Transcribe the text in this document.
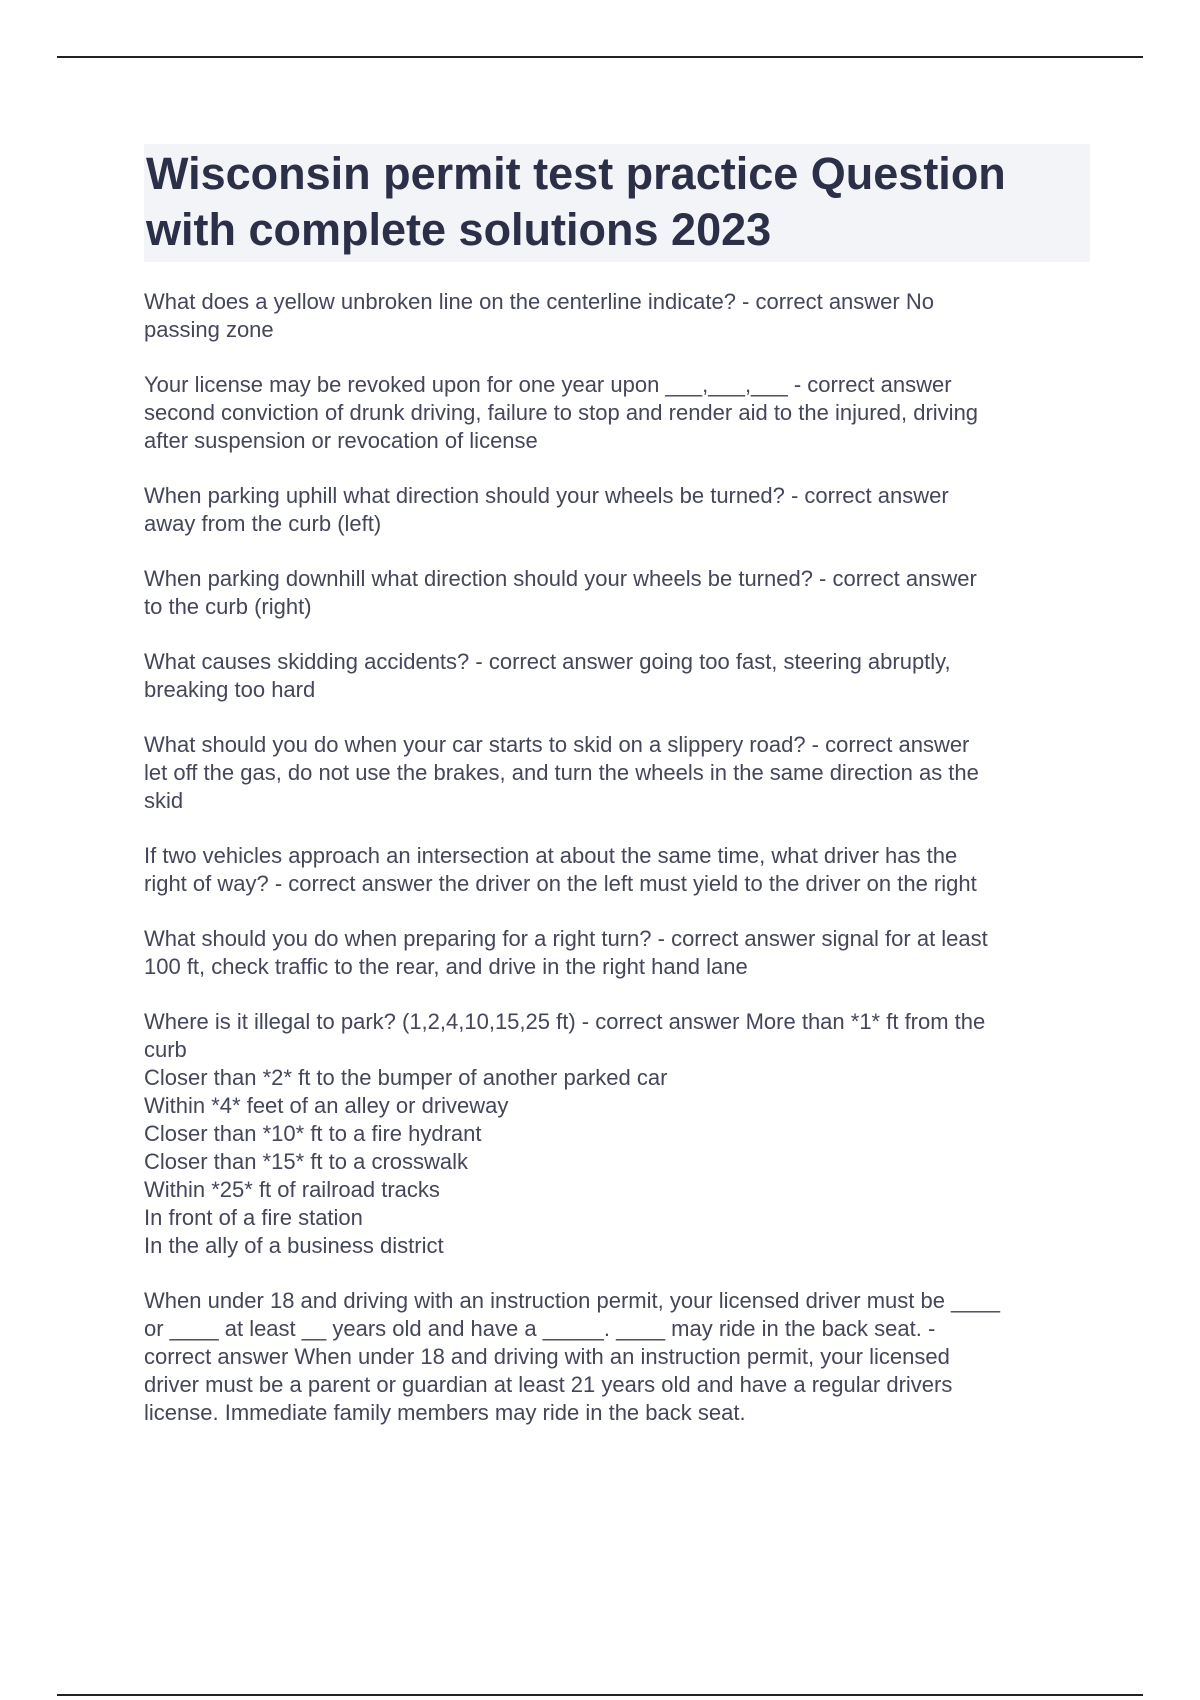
Wisconsin permit test practice Question with complete solutions 2023
What does a yellow unbroken line on the centerline indicate? - correct answer No
passing zone
Your license may be revoked upon for one year upon ___,___,___ - correct answer
second conviction of drunk driving, failure to stop and render aid to the injured, driving
after suspension or revocation of license
When parking uphill what direction should your wheels be turned? - correct answer
away from the curb (left)
When parking downhill what direction should your wheels be turned? - correct answer
to the curb (right)
What causes skidding accidents? - correct answer going too fast, steering abruptly,
breaking too hard
What should you do when your car starts to skid on a slippery road? - correct answer
let off the gas, do not use the brakes, and turn the wheels in the same direction as the
skid
If two vehicles approach an intersection at about the same time, what driver has the
right of way? - correct answer the driver on the left must yield to the driver on the right
What should you do when preparing for a right turn? - correct answer signal for at least
100 ft, check traffic to the rear, and drive in the right hand lane
Where is it illegal to park? (1,2,4,10,15,25 ft) - correct answer More than *1* ft from the
curb
Closer than *2* ft to the bumper of another parked car
Within *4* feet of an alley or driveway
Closer than *10* ft to a fire hydrant
Closer than *15* ft to a crosswalk
Within *25* ft of railroad tracks
In front of a fire station
In the ally of a business district
When under 18 and driving with an instruction permit, your licensed driver must be ____
or ____ at least __ years old and have a _____. ____ may ride in the back seat. -
correct answer When under 18 and driving with an instruction permit, your licensed
driver must be a parent or guardian at least 21 years old and have a regular drivers
license. Immediate family members may ride in the back seat.
